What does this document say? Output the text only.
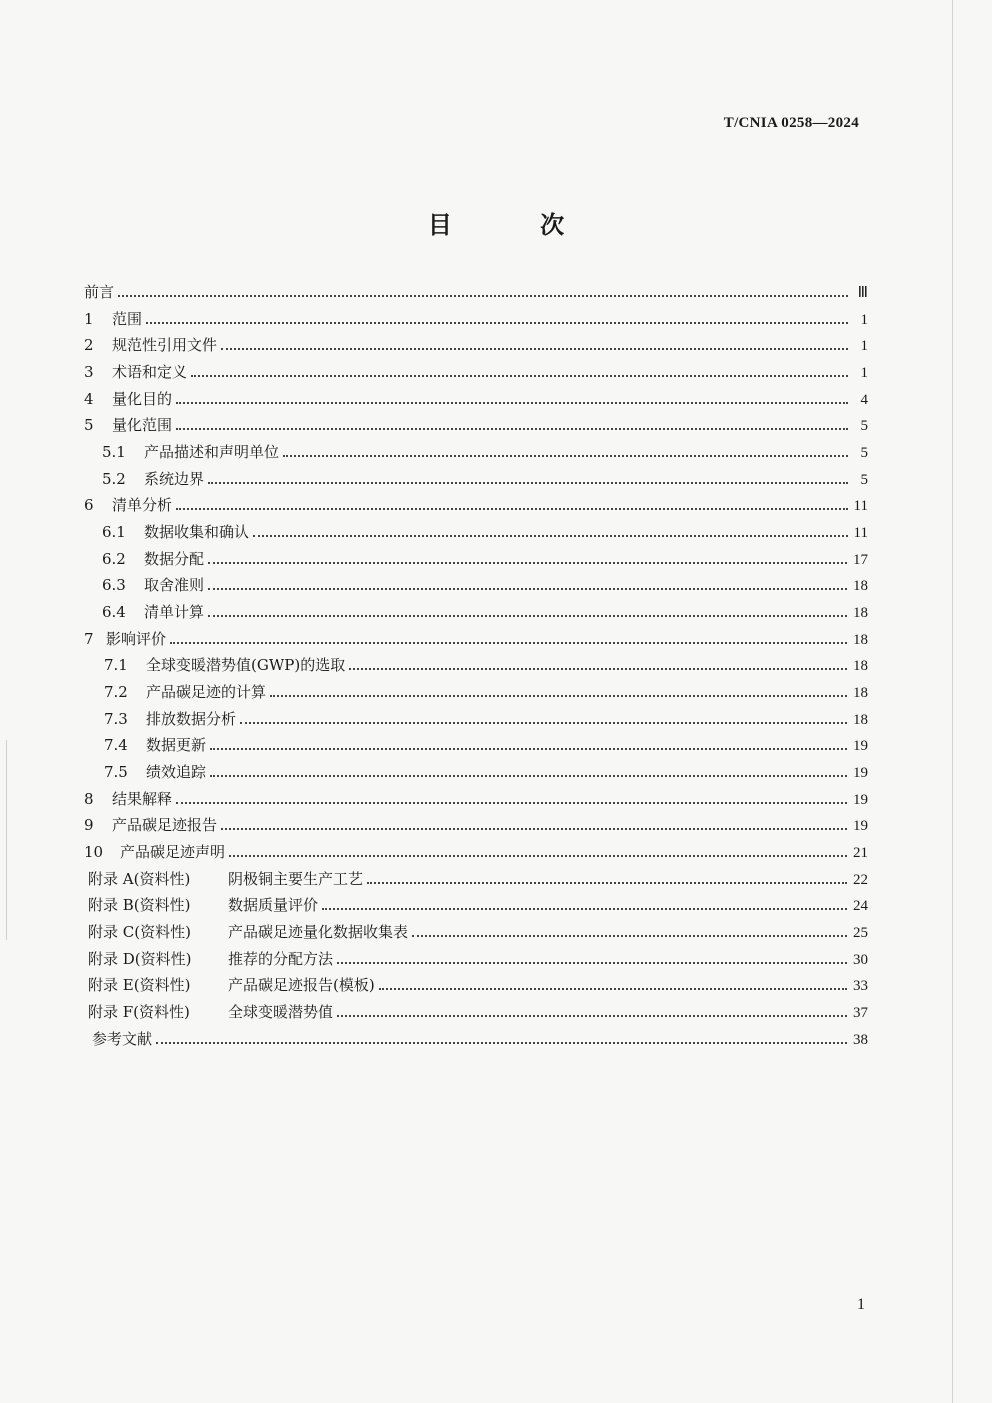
T/CNIA 0258—2024
目 次
前言	Ⅲ
1 范围	1
2 规范性引用文件	1
3 术语和定义	1
4 量化目的	4
5 量化范围	5
5.1 产品描述和声明单位	5
5.2 系统边界	5
6 清单分析	11
6.1 数据收集和确认	11
6.2 数据分配	17
6.3 取舍准则	18
6.4 清单计算	18
7 影响评价	18
7.1 全球变暖潜势值(GWP)的选取	18
7.2 产品碳足迹的计算	18
7.3 排放数据分析	18
7.4 数据更新	19
7.5 绩效追踪	19
8 结果解释	19
9 产品碳足迹报告	19
10 产品碳足迹声明	21
附录 A(资料性)	阴极铜主要生产工艺	22
附录 B(资料性)	数据质量评价	24
附录 C(资料性) 产品碳足迹量化数据收集表	25
附录 D(资料性) 推荐的分配方法	30
附录 E(资料性)	产品碳足迹报告(模板)	33
附录 F(资料性)	全球变暖潜势值	37
参考文献	38
1
